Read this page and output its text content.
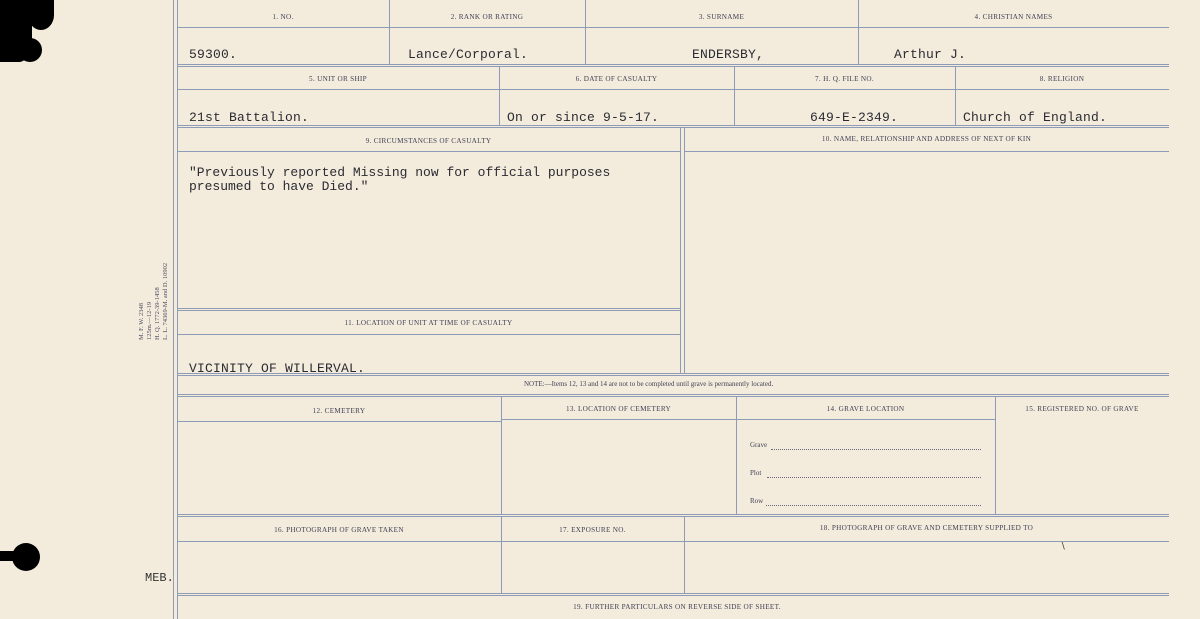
M. F. W. 2348 125m.—12-19 H. Q. 1772-39-1458 L. L. 74369-M. and D. 10902
MEB.
1. NO.	2. RANK OR RATING	3. SURNAME	4. CHRISTIAN NAMES
59300.	Lance/Corporal.	ENDERSBY,	Arthur J.
5. UNIT OR SHIP	6. DATE OF CASUALTY	7. H. Q. FILE NO.	8. RELIGION
21st Battalion.	On or since 9-5-17.	649-E-2349.	Church of England.
9. CIRCUMSTANCES OF CASUALTY	10. NAME, RELATIONSHIP AND ADDRESS OF NEXT OF KIN
"Previously reported Missing now for official purposes
presumed to have Died."
11. LOCATION OF UNIT AT TIME OF CASUALTY
VICINITY OF WILLERVAL.
NOTE:—Items 12, 13 and 14 are not to be completed until grave is permanently located.
12. CEMETERY	13. LOCATION OF CEMETERY	14. GRAVE LOCATION	15. REGISTERED NO. OF GRAVE
Grave
Plot
Row
16. PHOTOGRAPH OF GRAVE TAKEN	17. EXPOSURE NO.	18. PHOTOGRAPH OF GRAVE AND CEMETERY SUPPLIED TO
∖
19. FURTHER PARTICULARS ON REVERSE SIDE OF SHEET.
